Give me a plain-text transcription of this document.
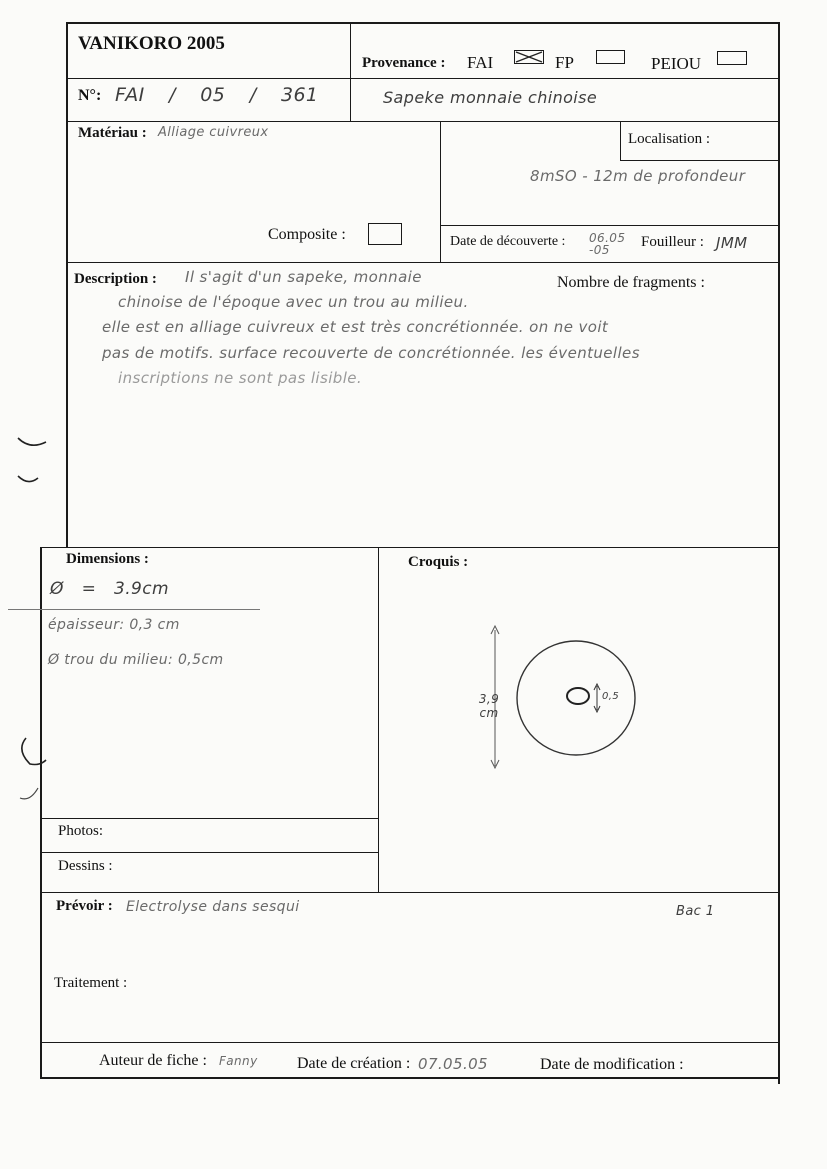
VANIKORO 2005
Provenance : FAI	FP	PEIOU
N°: FAI / 05 / 361	Sapeke monnaie chinoise
Matériau : Alliage cuivreux
Composite :
Localisation :
8mSO - 12m de profondeur
Date de découverte : 06.05 -05	Fouilleur : JMM
Description :	Nombre de fragments :
Il s'agit d'un sapeke, monnaie
chinoise de l'époque avec un trou au milieu.
elle est en alliage cuivreux et est très concrétionnée. on ne voit
pas de motifs. surface recouverte de concrétionnée. les éventuelles
inscriptions ne sont pas lisible.
Dimensions :
Ø = 3.9cm
épaisseur: 0,3 cm
Ø trou du milieu: 0,5cm
Croquis :
3,9 cm
0,5
Photos:
Dessins :
Prévoir : Electrolyse dans sesqui	Bac 1
Traitement :
Auteur de fiche : Fanny Date de création : 07.05.05	Date de modification :
